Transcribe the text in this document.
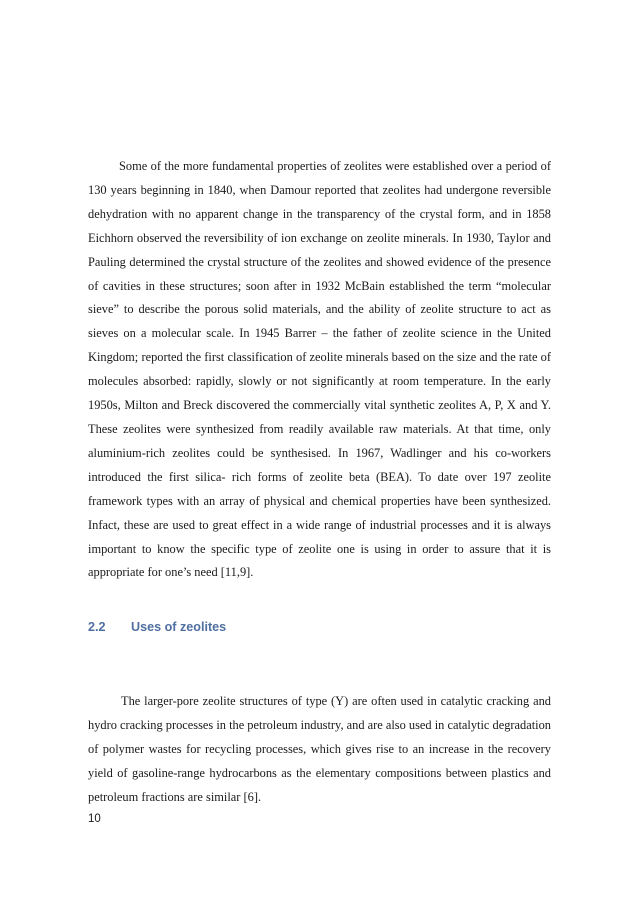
Some of the more fundamental properties of zeolites were established over a period of 130 years beginning in 1840, when Damour reported that zeolites had undergone reversible dehydration with no apparent change in the transparency of the crystal form, and in 1858 Eichhorn observed the reversibility of ion exchange on zeolite minerals. In 1930, Taylor and Pauling determined the crystal structure of the zeolites and showed evidence of the presence of cavities in these structures; soon after in 1932 McBain established the term “molecular sieve” to describe the porous solid materials, and the ability of zeolite structure to act as sieves on a molecular scale. In 1945 Barrer – the father of zeolite science in the United Kingdom; reported the first classification of zeolite minerals based on the size and the rate of molecules absorbed: rapidly, slowly or not significantly at room temperature. In the early 1950s, Milton and Breck discovered the commercially vital synthetic zeolites A, P, X and Y. These zeolites were synthesized from readily available raw materials. At that time, only aluminium-rich zeolites could be synthesised. In 1967, Wadlinger and his co-workers introduced the first silica- rich forms of zeolite beta (BEA). To date over 197 zeolite framework types with an array of physical and chemical properties have been synthesized. Infact, these are used to great effect in a wide range of industrial processes and it is always important to know the specific type of zeolite one is using in order to assure that it is appropriate for one’s need [11,9].

2.2 Uses of zeolites

The larger-pore zeolite structures of type (Y) are often used in catalytic cracking and hydro cracking processes in the petroleum industry, and are also used in catalytic degradation of polymer wastes for recycling processes, which gives rise to an increase in the recovery yield of gasoline-range hydrocarbons as the elementary compositions between plastics and petroleum fractions are similar [6].

10
